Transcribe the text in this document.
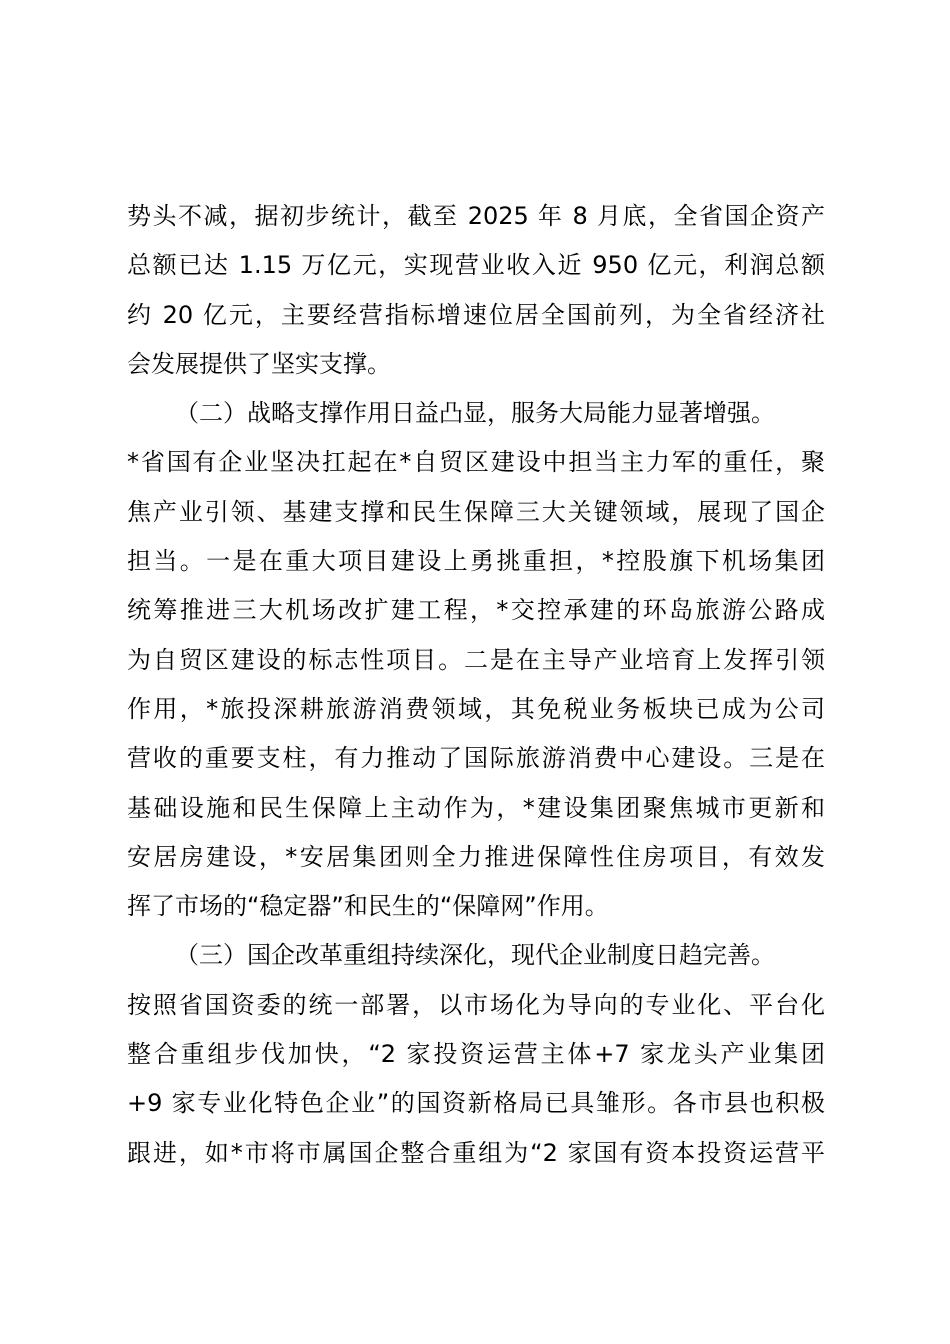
势头不减，据初步统计，截至 2025 年 8 月底，全省国企资产
总额已达 1.15 万亿元，实现营业收入近 950 亿元，利润总额
约 20 亿元，主要经营指标增速位居全国前列，为全省经济社
会发展提供了坚实支撑。
（二）战略支撑作用日益凸显，服务大局能力显著增强。
*省国有企业坚决扛起在*自贸区建设中担当主力军的重任，聚
焦产业引领、基建支撑和民生保障三大关键领域，展现了国企
担当。一是在重大项目建设上勇挑重担，*控股旗下机场集团
统筹推进三大机场改扩建工程，*交控承建的环岛旅游公路成
为自贸区建设的标志性项目。二是在主导产业培育上发挥引领
作用，*旅投深耕旅游消费领域，其免税业务板块已成为公司
营收的重要支柱，有力推动了国际旅游消费中心建设。三是在
基础设施和民生保障上主动作为，*建设集团聚焦城市更新和
安居房建设，*安居集团则全力推进保障性住房项目，有效发
挥了市场的“稳定器”和民生的“保障网”作用。
（三）国企改革重组持续深化，现代企业制度日趋完善。
按照省国资委的统一部署，以市场化为导向的专业化、平台化
整合重组步伐加快，“2 家投资运营主体+7 家龙头产业集团
+9 家专业化特色企业”的国资新格局已具雏形。各市县也积极
跟进，如*市将市属国企整合重组为“2 家国有资本投资运营平
